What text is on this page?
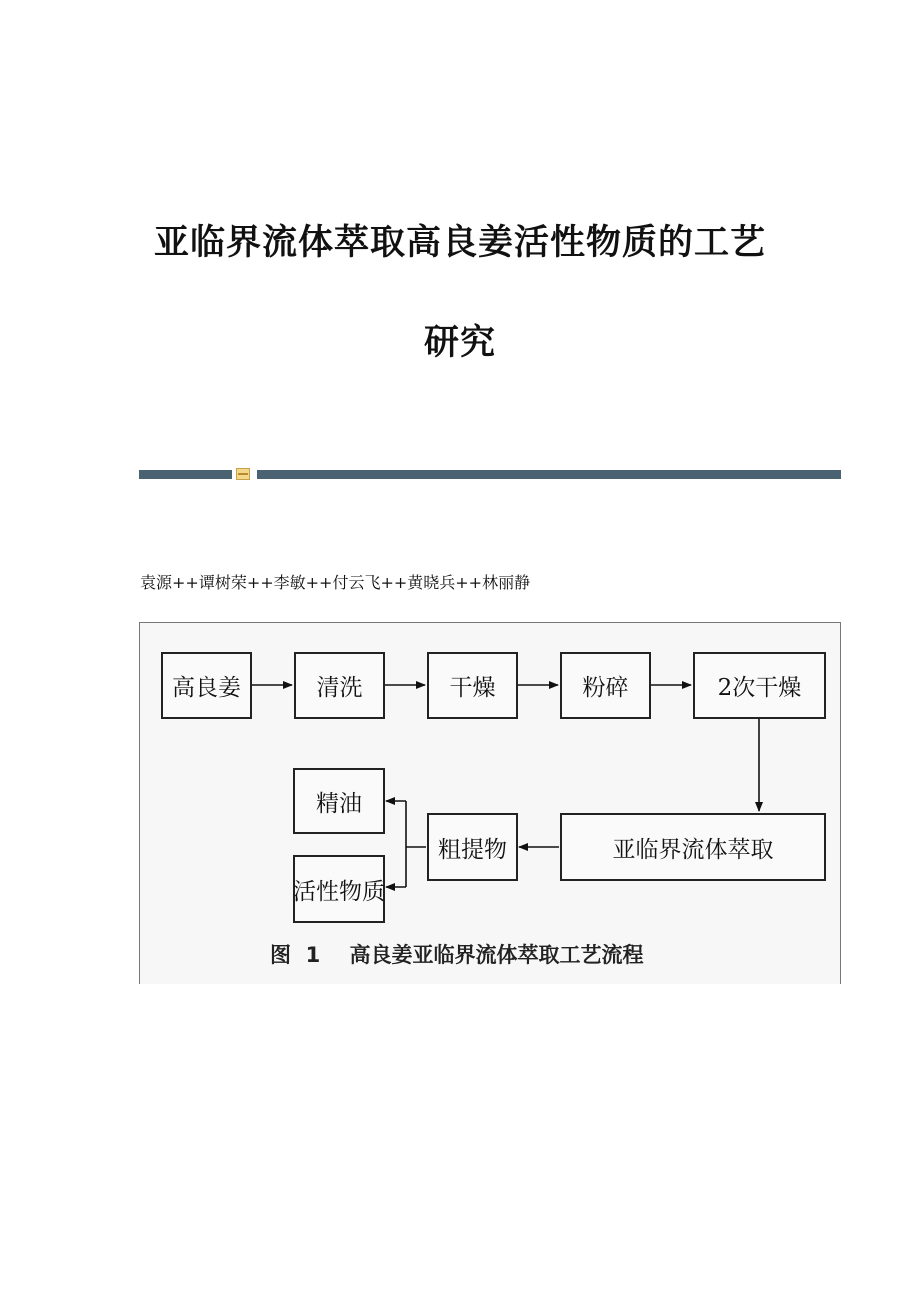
亚临界流体萃取高良姜活性物质的工艺
研究
袁源++谭树荣++李敏++付云飞++黄晓兵++林丽静
高良姜	清洗	干燥	粉碎	2次干燥
精油
粗提物	亚临界流体萃取
活性物质
图  1    高良姜亚临界流体萃取工艺流程
